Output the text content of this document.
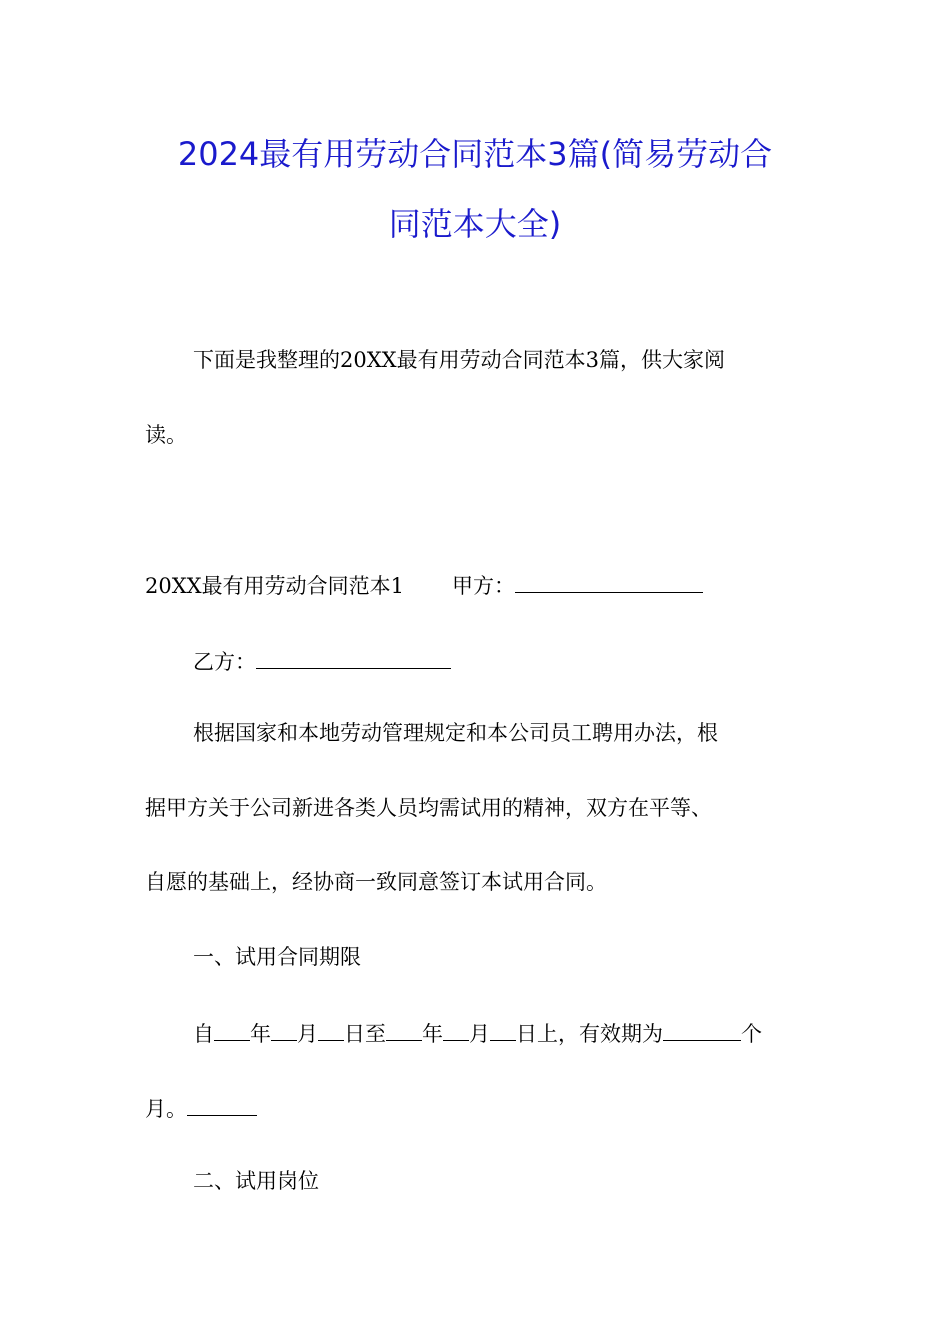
2024最有用劳动合同范本3篇(简易劳动合
同范本大全)
下面是我整理的20XX最有用劳动合同范本3篇，供大家阅
读。
20XX最有用劳动合同范本1 甲方：
乙方：
根据国家和本地劳动管理规定和本公司员工聘用办法，根
据甲方关于公司新进各类人员均需试用的精神，双方在平等、
自愿的基础上，经协商一致同意签订本试用合同。
一、试用合同期限
自 年 月 日至 年 月 日上，有效期为	个
月。
二、试用岗位
